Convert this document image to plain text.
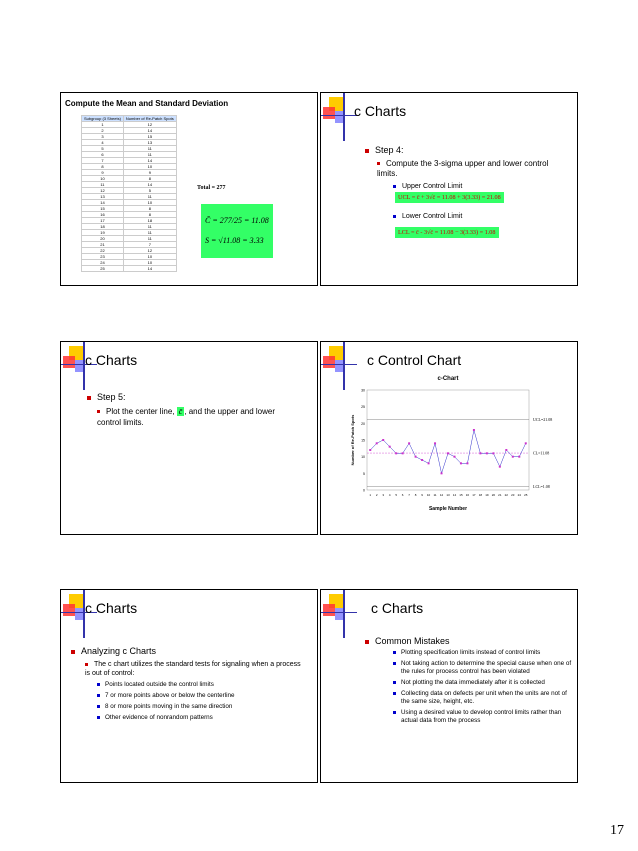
Compute the Mean and Standard Deviation
Subgroup (3 Sheets)	Number of Re-Patch Spots
1	12
2	14
3	15
4	13
5	11
6	11
7	14
8	10
9	9
10	8
11	14
12	5
13	11
14	10
15	8
16	8
17	18
18	11
19	11
20	11
21	7
22	12
23	10
24	10
25	14
Total = 277
C̄ = 277/25 = 11.08
S = √11.08 = 3.33
c Charts
Step 4:
Compute the 3-sigma upper and lower control limits.
Upper Control Limit
UCL = c̄ + 3√c̄ = 11.08 + 3(3.33) = 21.08
Lower Control Limit
LCL = c̄ - 3√c̄ = 11.08 − 3(3.33) = 1.08
c Charts
Step 5:
Plot the center line, c̄ , and the upper and lower control limits.
c Control Chart
c-Chart
0
5
10
15
20
25
30
1 2 3 4 5 6 7 8 9 10 11 12 13 14 15 16 17 18 19 20 21 22 23 24 25
UCL=21.08
CL=11.08
LCL=1.08
Sample Number
Number of Re-Patch Spots
c Charts
Analyzing c Charts
The c chart utilizes the standard tests for signaling when a process is out of control:
Points located outside the control limits
7 or more points above or below the centerline
8 or more points moving in the same direction
Other evidence of nonrandom patterns
c Charts
Common Mistakes
Plotting specification limits instead of control limits
Not taking action to determine the special cause when one of the rules for process control has been violated
Not plotting the data immediately after it is collected
Collecting data on defects per unit when the units are not of the same size, height, etc.
Using a desired value to develop control limits rather than actual data from the process
17
